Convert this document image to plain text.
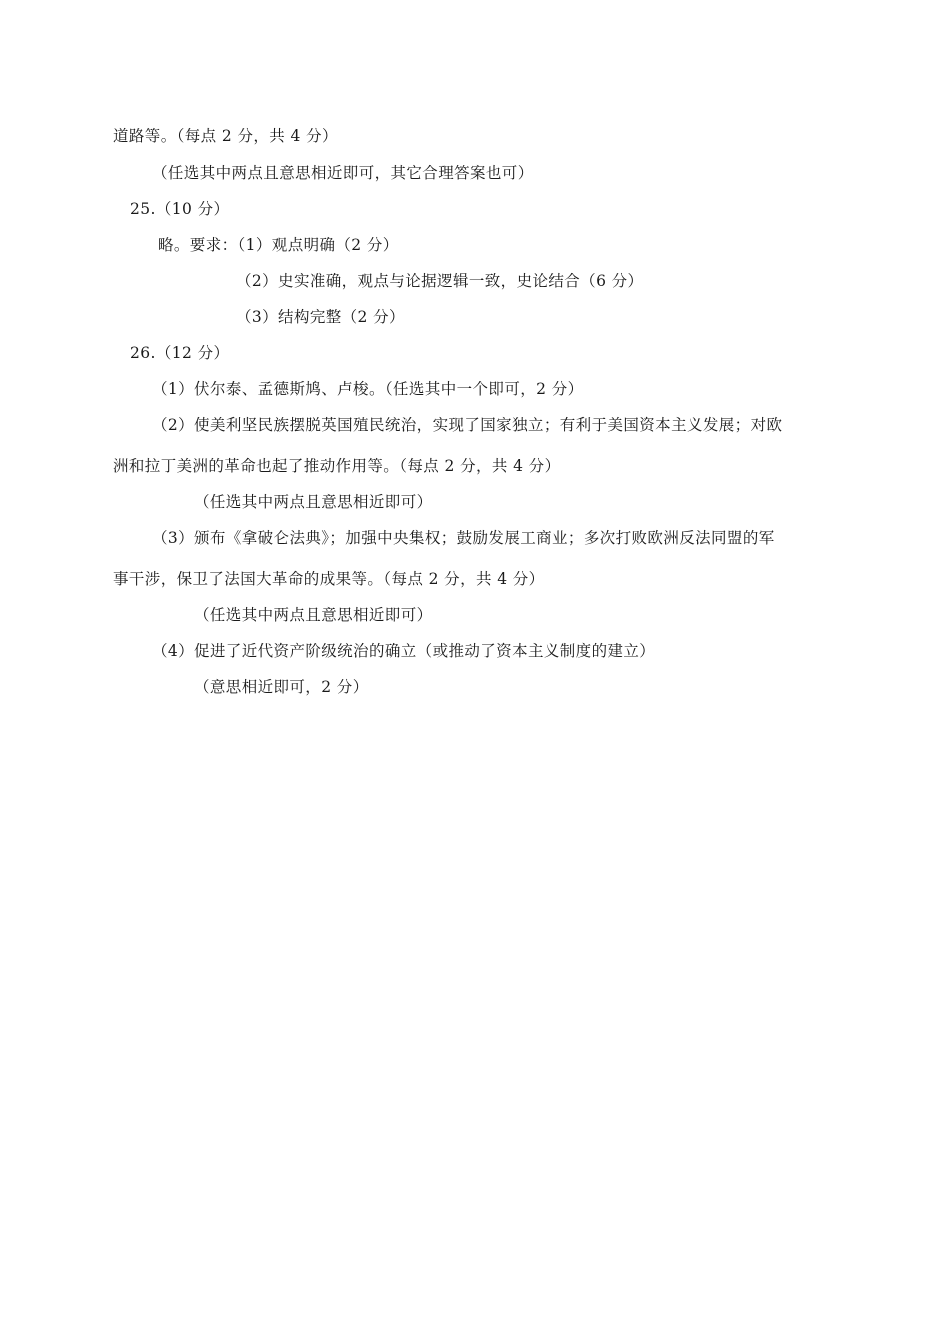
道路等。（每点 2 分，共 4 分）
（任选其中两点且意思相近即可，其它合理答案也可）
25.（10 分）
略。要求：（1）观点明确（2 分）
（2）史实准确，观点与论据逻辑一致，史论结合（6 分）
（3）结构完整（2 分）
26.（12 分）
（1）伏尔泰、孟德斯鸠、卢梭。（任选其中一个即可，2 分）
（2）使美利坚民族摆脱英国殖民统治，实现了国家独立；有利于美国资本主义发展；对欧
洲和拉丁美洲的革命也起了推动作用等。（每点 2 分，共 4 分）
（任选其中两点且意思相近即可）
（3）颁布《拿破仑法典》；加强中央集权；鼓励发展工商业；多次打败欧洲反法同盟的军
事干涉，保卫了法国大革命的成果等。（每点 2 分，共 4 分）
（任选其中两点且意思相近即可）
（4）促进了近代资产阶级统治的确立（或推动了资本主义制度的建立）
（意思相近即可，2 分）
